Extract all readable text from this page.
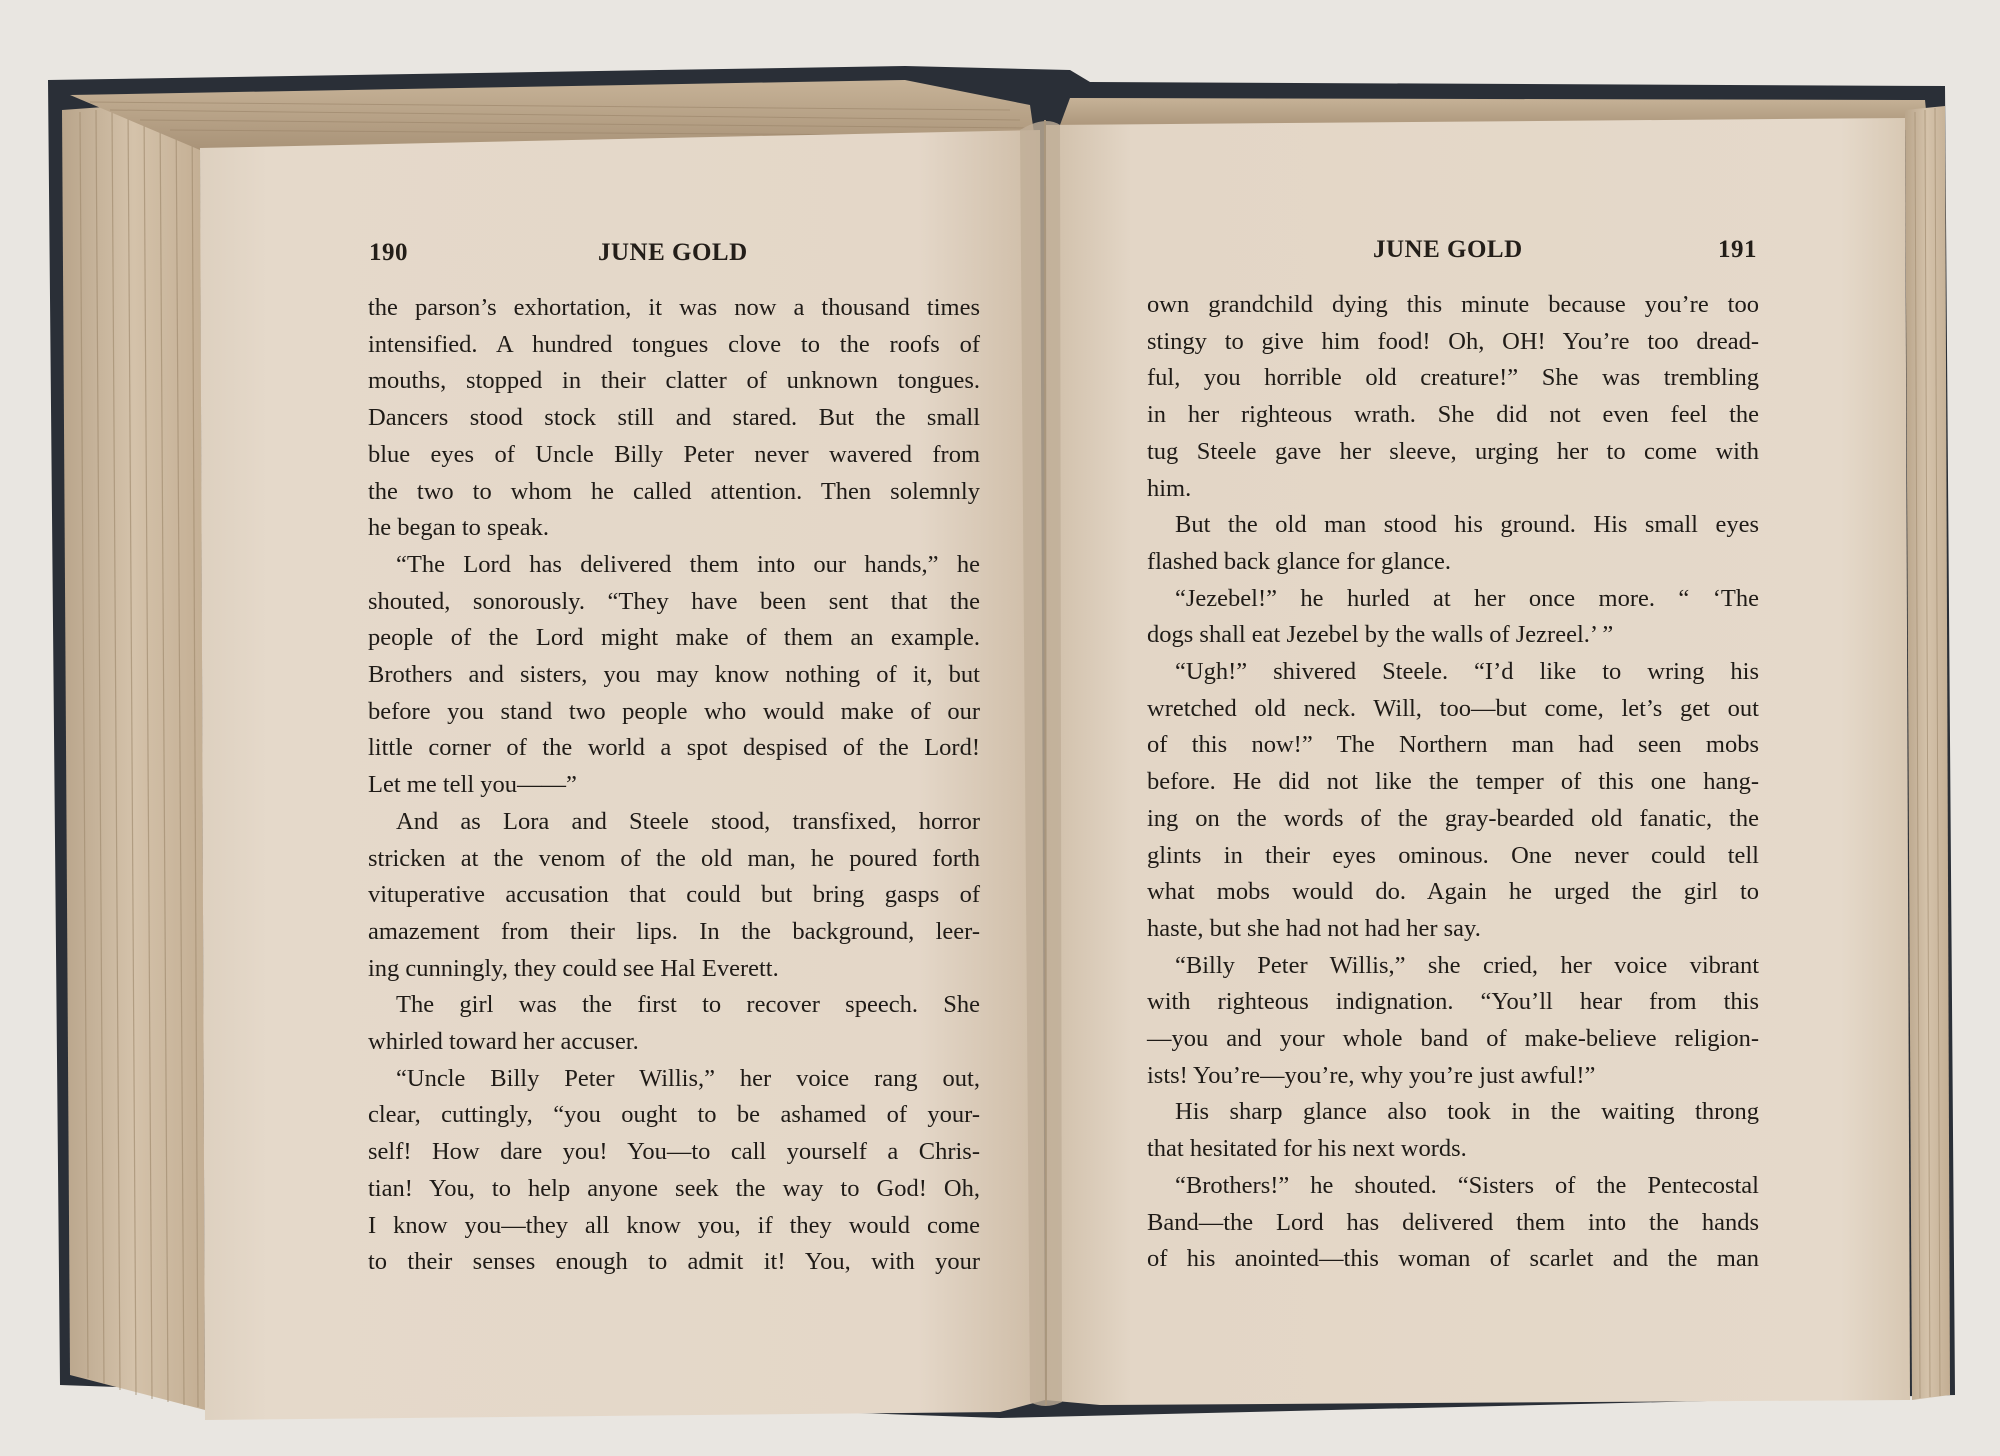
190	JUNE GOLD
the parson’s exhortation, it was now a thousand times
intensified. A hundred tongues clove to the roofs of
mouths, stopped in their clatter of unknown tongues.
Dancers stood stock still and stared. But the small
blue eyes of Uncle Billy Peter never wavered from
the two to whom he called attention. Then solemnly
he began to speak.
“The Lord has delivered them into our hands,” he
shouted, sonorously. “They have been sent that the
people of the Lord might make of them an example.
Brothers and sisters, you may know nothing of it, but
before you stand two people who would make of our
little corner of the world a spot despised of the Lord!
Let me tell you——”
And as Lora and Steele stood, transfixed, horror
stricken at the venom of the old man, he poured forth
vituperative accusation that could but bring gasps of
amazement from their lips. In the background, leer-
ing cunningly, they could see Hal Everett.
The girl was the first to recover speech. She
whirled toward her accuser.
“Uncle Billy Peter Willis,” her voice rang out,
clear, cuttingly, “you ought to be ashamed of your-
self! How dare you! You—to call yourself a Chris-
tian! You, to help anyone seek the way to God! Oh,
I know you—they all know you, if they would come
to their senses enough to admit it! You, with your
JUNE GOLD	191
own grandchild dying this minute because you’re too
stingy to give him food! Oh, OH! You’re too dread-
ful, you horrible old creature!” She was trembling
in her righteous wrath. She did not even feel the
tug Steele gave her sleeve, urging her to come with
him.
But the old man stood his ground. His small eyes
flashed back glance for glance.
“Jezebel!” he hurled at her once more. “ ‘The
dogs shall eat Jezebel by the walls of Jezreel.’ ”
“Ugh!” shivered Steele. “I’d like to wring his
wretched old neck. Will, too—but come, let’s get out
of this now!” The Northern man had seen mobs
before. He did not like the temper of this one hang-
ing on the words of the gray-bearded old fanatic, the
glints in their eyes ominous. One never could tell
what mobs would do. Again he urged the girl to
haste, but she had not had her say.
“Billy Peter Willis,” she cried, her voice vibrant
with righteous indignation. “You’ll hear from this
—you and your whole band of make-believe religion-
ists! You’re—you’re, why you’re just awful!”
His sharp glance also took in the waiting throng
that hesitated for his next words.
“Brothers!” he shouted. “Sisters of the Pentecostal
Band—the Lord has delivered them into the hands
of his anointed—this woman of scarlet and the man
